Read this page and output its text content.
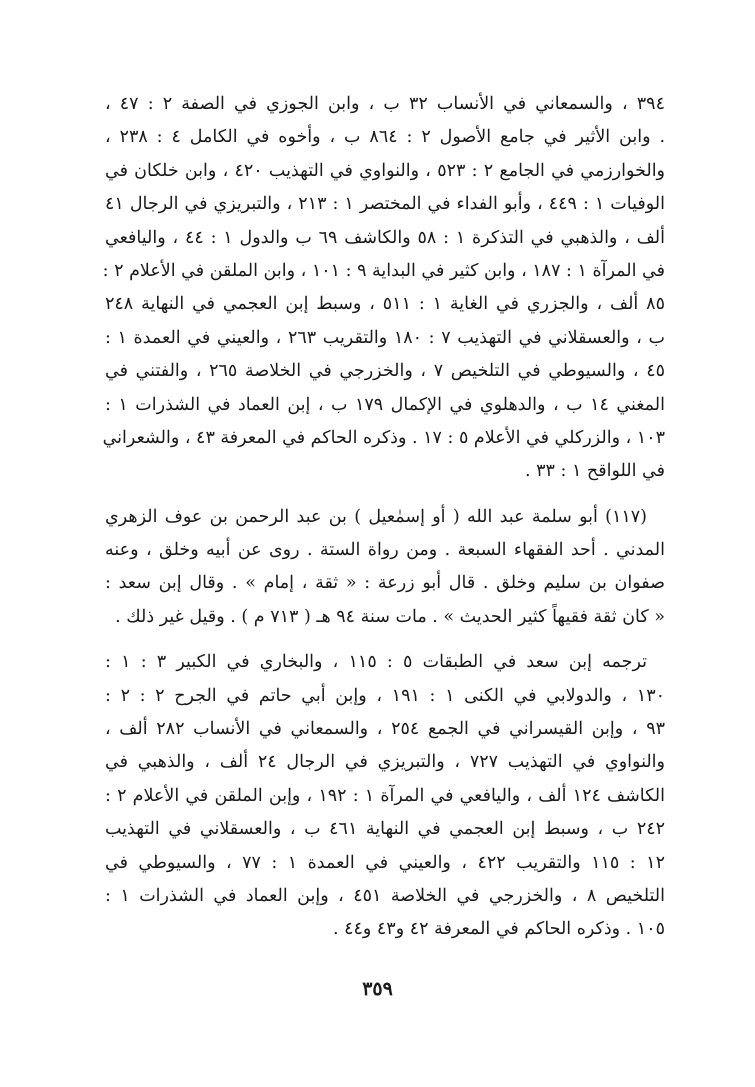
٣٩٤ ، والسمعاني في الأنساب ٣٢ ب ، وابن الجوزي في الصفة ٢ : ٤٧ ،
. وابن الأثير في جامع الأصول ٢ : ٨٦٤ ب ، وأخوه في الكامل ٤ : ٢٣٨ ،
والخوارزمي في الجامع ٢ : ٥٢٣ ، والنواوي في التهذيب ٤٢٠ ، وابن خلكان في
الوفيات ١ : ٤٤٩ ، وأبو الفداء في المختصر ١ : ٢١٣ ، والتبريزي في الرجال ٤١
ألف ، والذهبي في التذكرة ١ : ٥٨ والكاشف ٦٩ ب والدول ١ : ٤٤ ، واليافعي
في المرآة ١ : ١٨٧ ، وابن كثير في البداية ٩ : ١٠١ ، وابن الملقن في الأعلام ٢ :
٨٥ ألف ، والجزري في الغاية ١ : ٥١١ ، وسبط إبن العجمي في النهاية ٢٤٨
ب ، والعسقلاني في التهذيب ٧ : ١٨٠ والتقريب ٢٦٣ ، والعيني في العمدة ١ :
٤٥ ، والسيوطي في التلخيص ٧ ، والخزرجي في الخلاصة ٢٦٥ ، والفتني في
المغني ١٤ ب ، والدهلوي في الإكمال ١٧٩ ب ، إبن العماد في الشذرات ١ :
١٠٣ ، والزركلي في الأعلام ٥ : ١٧ . وذكره الحاكم في المعرفة ٤٣ ، والشعراني
في اللواقح ١ : ٣٣ .
(١١٧) أبو سلمة عبد الله ( أو إسمٰعيل ) بن عبد الرحمن بن عوف الزهري
المدني . أحد الفقهاء السبعة . ومن رواة الستة . روى عن أبيه وخلق ، وعنه
صفوان بن سليم وخلق . قال أبو زرعة : « ثقة ، إمام » . وقال إبن سعد :
« كان ثقة فقيهاً كثير الحديث » . مات سنة ٩٤ هـ ( ٧١٣ م ) . وقيل غير ذلك .
ترجمه إبن سعد في الطبقات ٥ : ١١٥ ، والبخاري في الكبير ٣ : ١ :
١٣٠ ، والدولابي في الكنى ١ : ١٩١ ، وإبن أبي حاتم في الجرح ٢ : ٢ :
٩٣ ، وإبن القيسراني في الجمع ٢٥٤ ، والسمعاني في الأنساب ٢٨٢ ألف ،
والنواوي في التهذيب ٧٢٧ ، والتبريزي في الرجال ٢٤ ألف ، والذهبي في
الكاشف ١٢٤ ألف ، واليافعي في المرآة ١ : ١٩٢ ، وإبن الملقن في الأعلام ٢ :
٢٤٢ ب ، وسبط إبن العجمي في النهاية ٤٦١ ب ، والعسقلاني في التهذيب
١٢ : ١١٥ والتقريب ٤٢٢ ، والعيني في العمدة ١ : ٧٧ ، والسيوطي في
التلخيص ٨ ، والخزرجي في الخلاصة ٤٥١ ، وإبن العماد في الشذرات ١ :
١٠٥ . وذكره الحاكم في المعرفة ٤٢ و٤٣ و٤٤ .
٣٥٩
